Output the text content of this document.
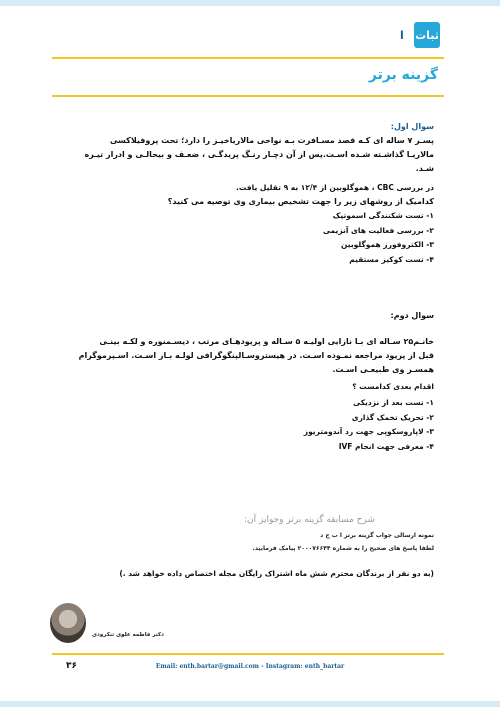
ا ثبات
گزینه برتر
سوال اول:
پسـر ۷ ساله ای کـه قصد مسـافرت بـه نواحی مالاریاخیـز را دارد؛ تحت پروفیلاکسی
مالاریـا گذاشـته شـده اسـت.پس از آن دچـار رنـگ پریدگـی ، ضعـف و بیحالـی و ادرار تیـره
شـد.
در بررسی CBC ، هموگلوبین از ۱۲/۴ به ۹ تقلیل یافت.
کدامیک از روشهای زیر را جهت تشخیص بیماری وی توصیه می کنید؟
۱- تست شکنندگی اسموتیک
۲- بررسی فعالیت های آنزیمی
۳- الکتروفورز هموگلوبین
۴- تست کوکیز مستقیم
سوال دوم:
خانـم۲۵ سـاله ای بـا نازایی اولیـه ۵ سـاله و پریودهـای مرتب ، دیسـمنوره و لکـه بینـی
قبل از پریود مراجعه نمـوده اسـت. در هیستروسـالپنگوگرافی لولـه بـاز اسـت. اسـپرموگرام
همسـر وی طبیعـی اسـت.
اقدام بعدی کدامست ؟
۱- تست بعد از نزدیکی
۲- تحریک تخمک گذاری
۳- لاپاروسکوپی جهت رد آندومتریوز
۴- معرفی جهت انجام IVF
شرح مسابقه گزینه برتر وجوایز آن:
نمونه ارسالی جواب گزینه برتر ا ب ج د
لطفا پاسخ های صحیح را به شماره ۲۰۰۰۷۶۶۴۴ پیامک فرمایید.
(به دو نفر از برندگان محترم شش ماه اشتراک رایگان مجله اختصاص داده خواهد شد .)
دکتر فاطمه علوی تنکرودی
۳۶	Email: enth.bartar@gmail.com - Instagram: enth_bartar
